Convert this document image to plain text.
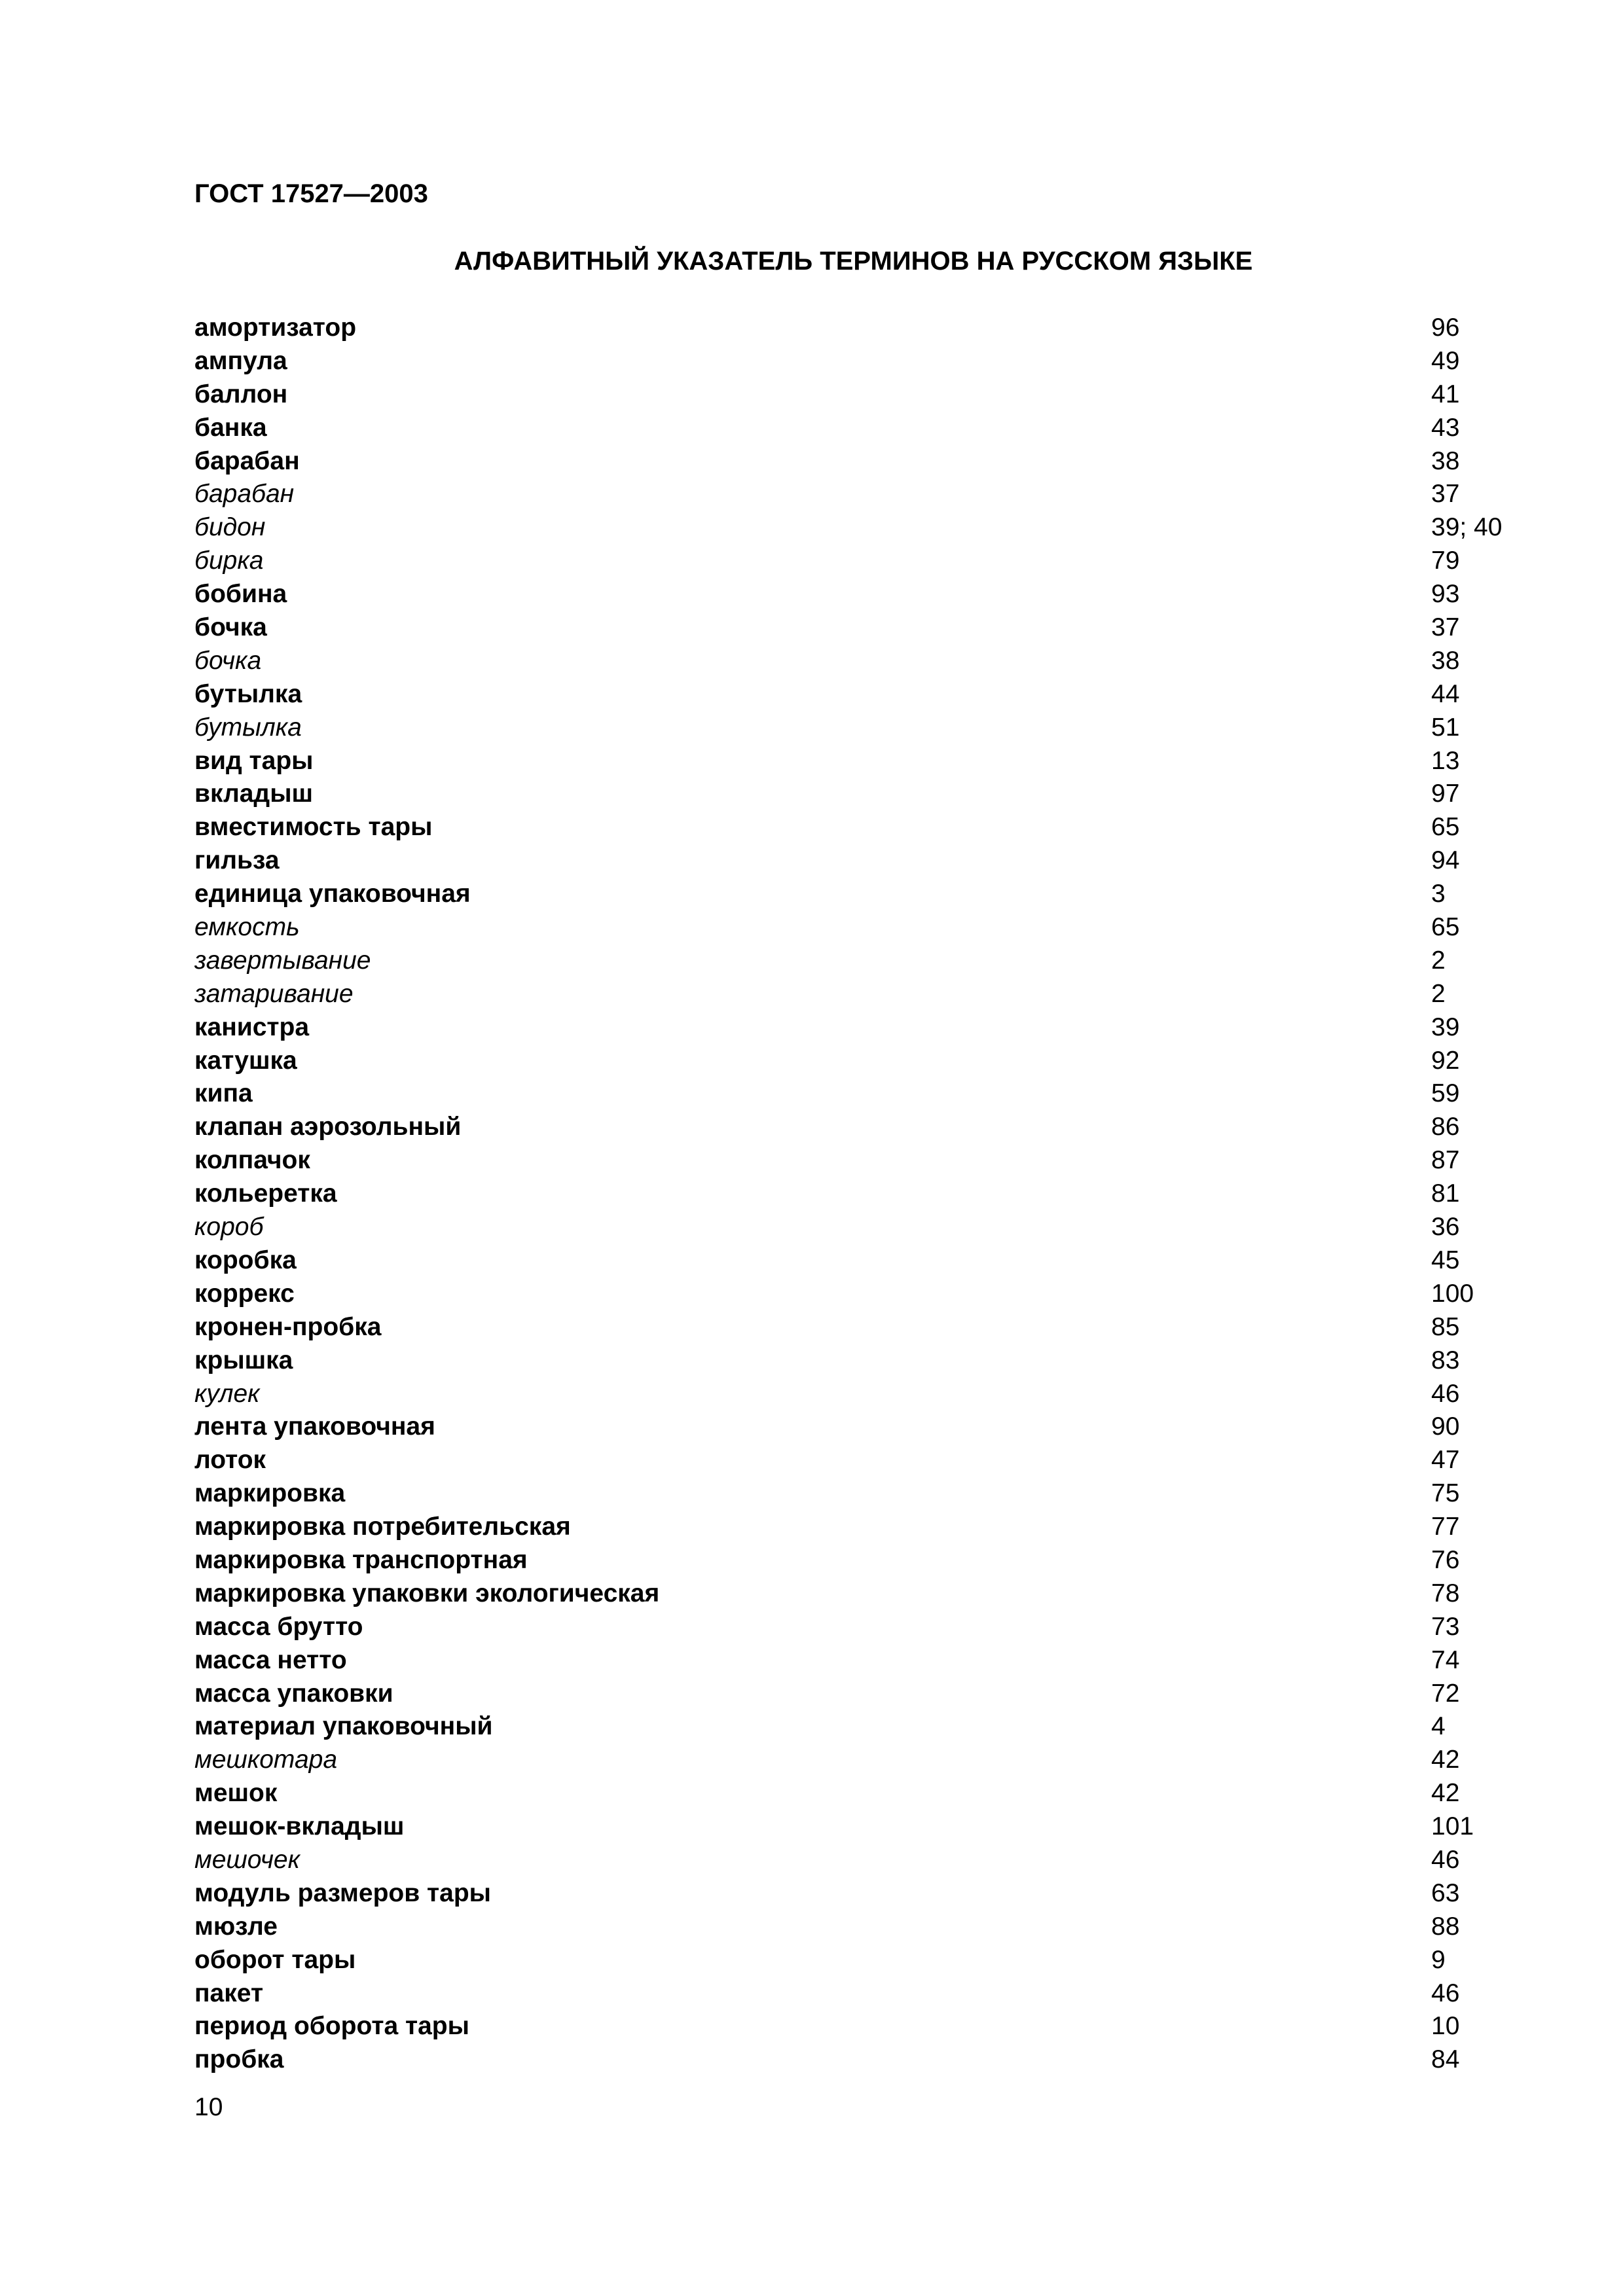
ГОСТ 17527—2003
АЛФАВИТНЫЙ УКАЗАТЕЛЬ ТЕРМИНОВ НА РУССКОМ ЯЗЫКЕ
амортизатор	96
ампула	49
баллон	41
банка	43
барабан	38
барабан	37
бидон	39; 40
бирка	79
бобина	93
бочка	37
бочка	38
бутылка	44
бутылка	51
вид тары	13
вкладыш	97
вместимость тары	65
гильза	94
единица упаковочная	3
емкость	65
завертывание	2
затаривание	2
канистра	39
катушка	92
кипа	59
клапан аэрозольный	86
колпачок	87
кольеретка	81
короб	36
коробка	45
коррекс	100
кронен-пробка	85
крышка	83
кулек	46
лента упаковочная	90
лоток	47
маркировка	75
маркировка потребительская	77
маркировка транспортная	76
маркировка упаковки экологическая	78
масса брутто	73
масса нетто	74
масса упаковки	72
материал упаковочный	4
мешкотара	42
мешок	42
мешок-вкладыш	101
мешочек	46
модуль размеров тары	63
мюзле	88
оборот тары	9
пакет	46
период оборота тары	10
пробка	84
10
